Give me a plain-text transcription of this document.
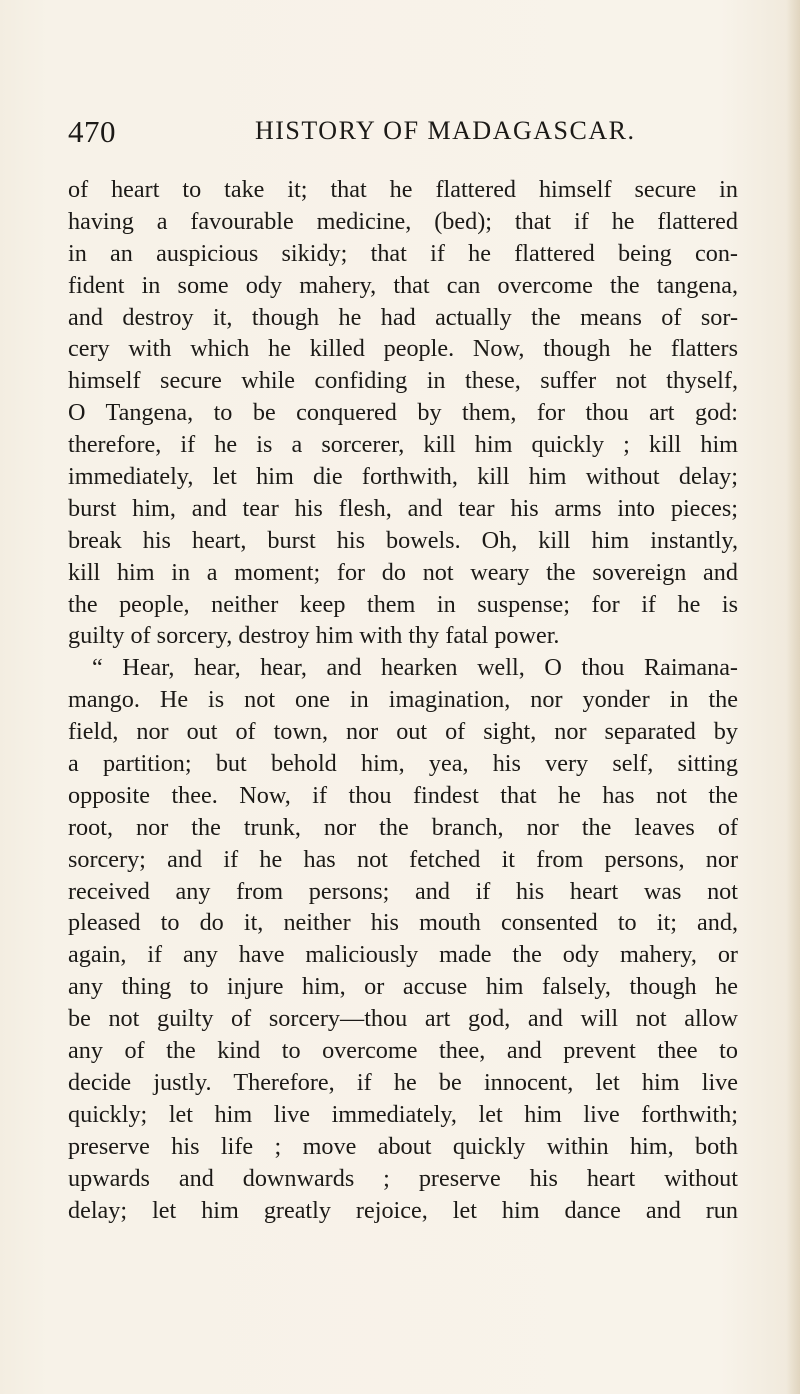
470	HISTORY OF MADAGASCAR.
of heart to take it; that he flattered himself secure in
having a favourable medicine, (bed); that if he flattered
in an auspicious sikidy; that if he flattered being con-
fident in some ody mahery, that can overcome the tangena,
and destroy it, though he had actually the means of sor-
cery with which he killed people. Now, though he flatters
himself secure while confiding in these, suffer not thyself,
O Tangena, to be conquered by them, for thou art god:
therefore, if he is a sorcerer, kill him quickly ; kill him
immediately, let him die forthwith, kill him without delay;
burst him, and tear his flesh, and tear his arms into pieces;
break his heart, burst his bowels. Oh, kill him instantly,
kill him in a moment; for do not weary the sovereign and
the people, neither keep them in suspense; for if he is
guilty of sorcery, destroy him with thy fatal power.
“ Hear, hear, hear, and hearken well, O thou Raimana-
mango. He is not one in imagination, nor yonder in the
field, nor out of town, nor out of sight, nor separated by
a partition; but behold him, yea, his very self, sitting
opposite thee. Now, if thou findest that he has not the
root, nor the trunk, nor the branch, nor the leaves of
sorcery; and if he has not fetched it from persons, nor
received any from persons; and if his heart was not
pleased to do it, neither his mouth consented to it; and,
again, if any have maliciously made the ody mahery, or
any thing to injure him, or accuse him falsely, though he
be not guilty of sorcery—thou art god, and will not allow
any of the kind to overcome thee, and prevent thee to
decide justly. Therefore, if he be innocent, let him live
quickly; let him live immediately, let him live forthwith;
preserve his life ; move about quickly within him, both
upwards and downwards ; preserve his heart without
delay; let him greatly rejoice, let him dance and run
